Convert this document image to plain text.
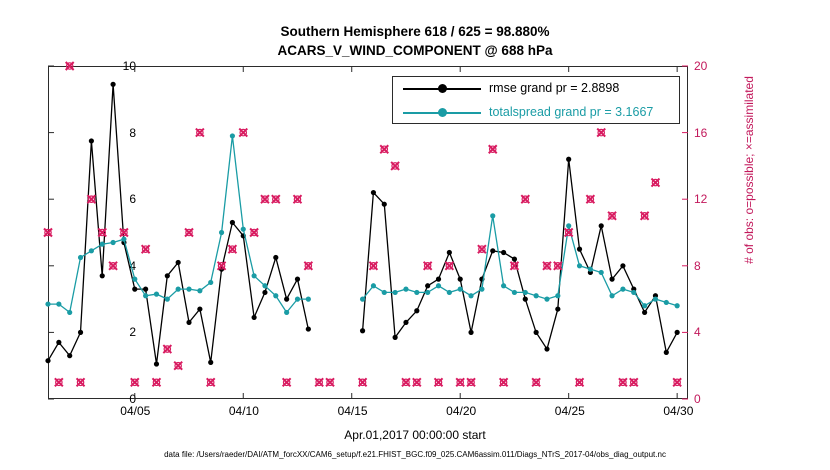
Southern Hemisphere 618 / 625 = 98.880%
ACARS_V_WIND_COMPONENT @ 688 hPa
# of obs: o=possible; ×=assimilated
0
2
4
6
8
10
0
4
8
12
16
20
04/05	04/10	04/15	04/20	04/25	04/30
Apr.01,2017 00:00:00 start
data file: /Users/raeder/DAI/ATM_forcXX/CAM6_setup/f.e21.FHIST_BGC.f09_025.CAM6assim.011/Diags_NTrS_2017-04/obs_diag_output.nc
rmse grand pr = 2.8898
totalspread grand pr = 3.1667
